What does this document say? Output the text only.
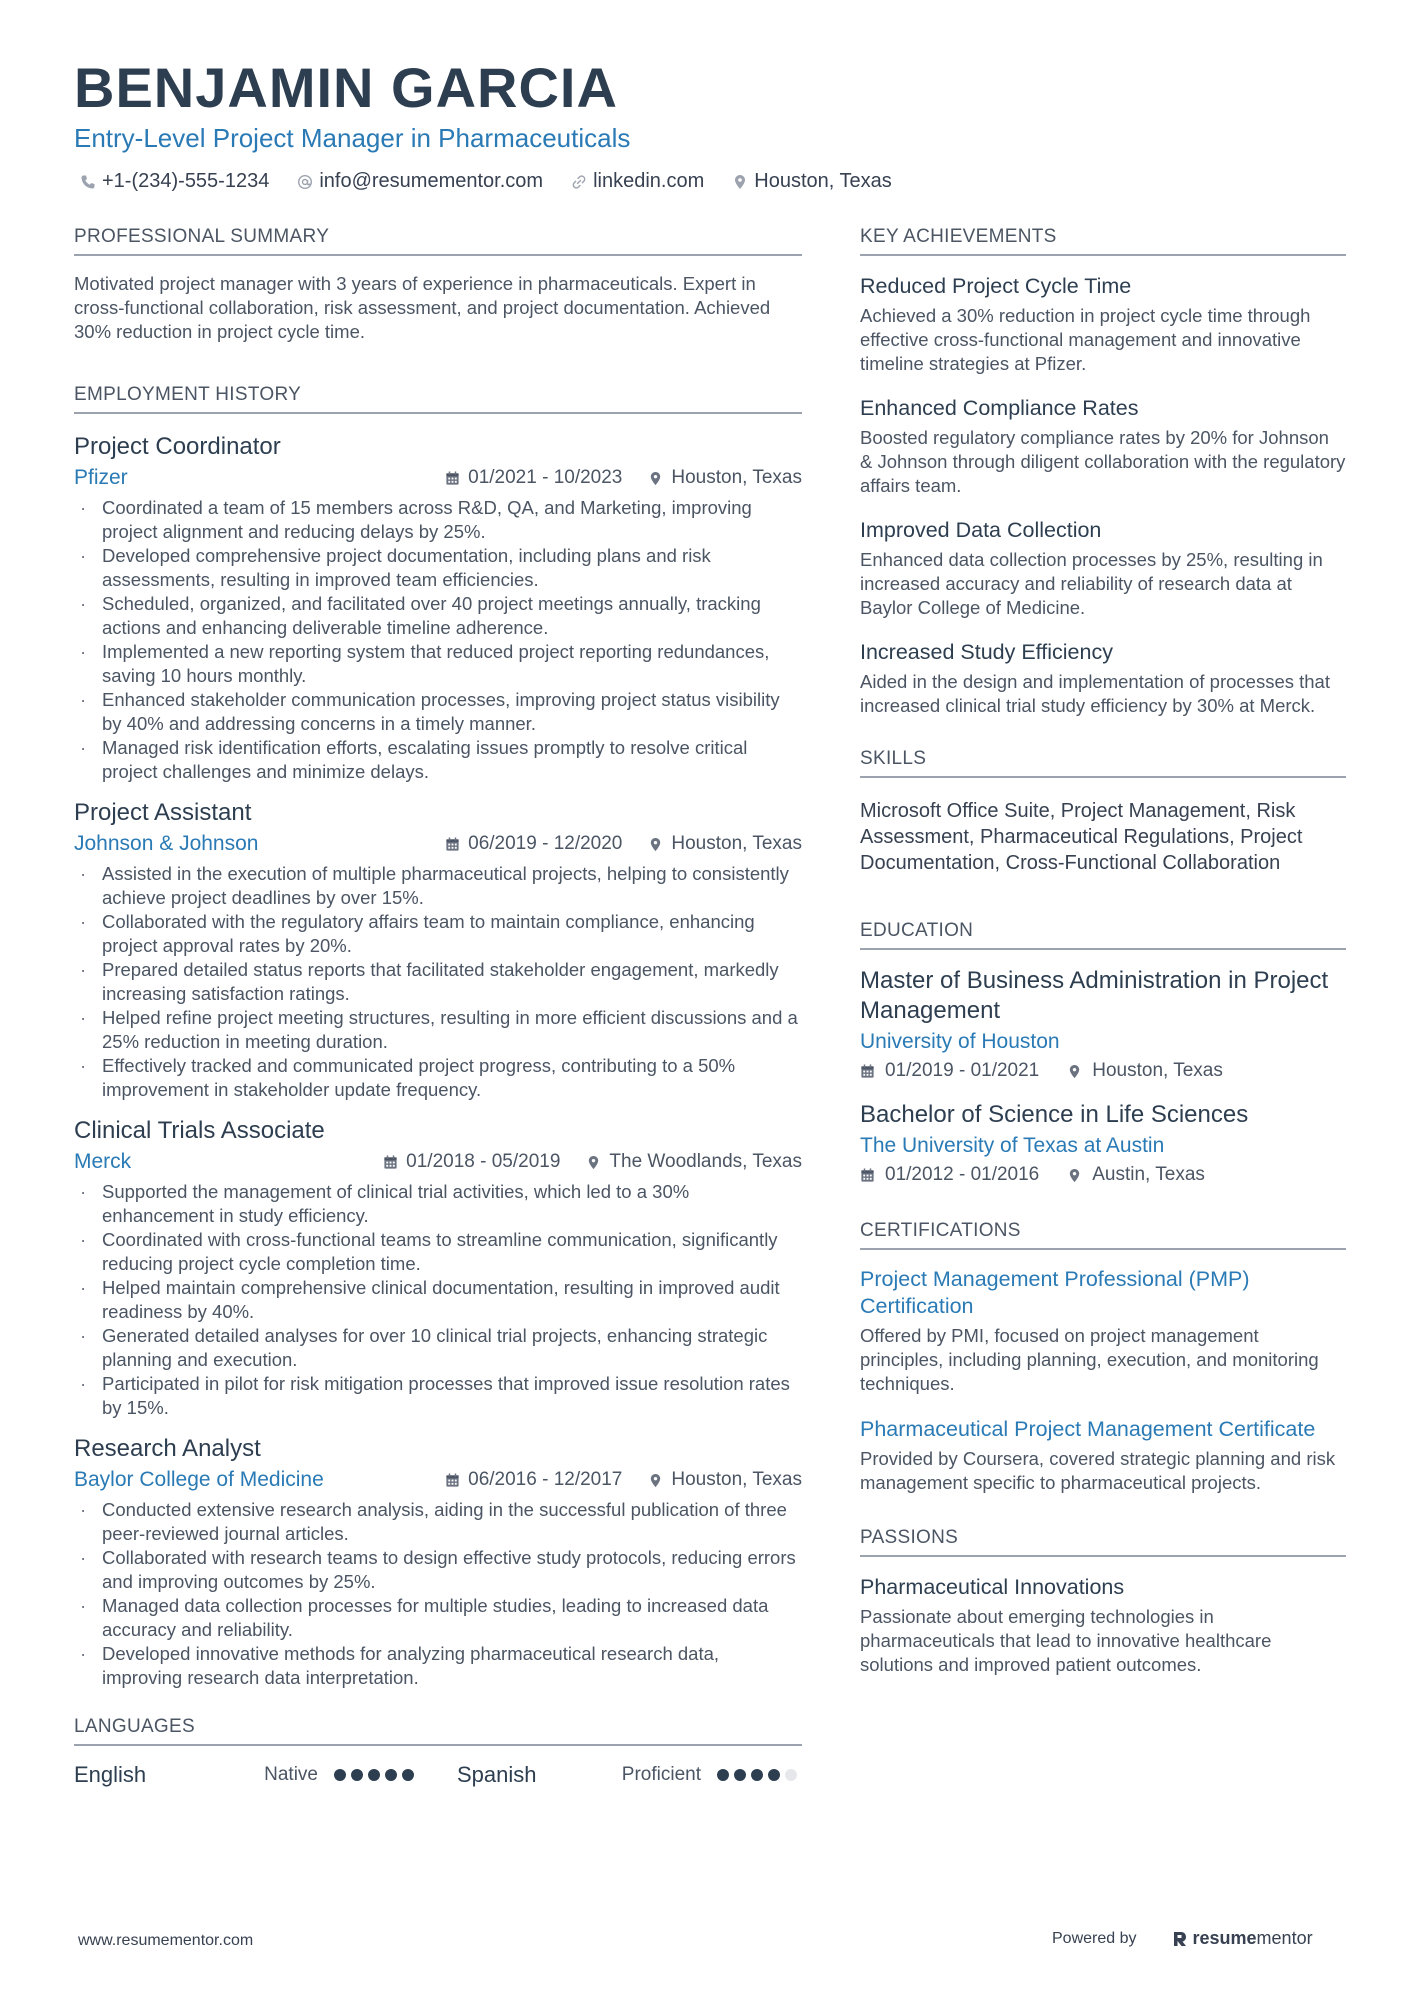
BENJAMIN GARCIA
Entry-Level Project Manager in Pharmaceuticals
+1-(234)-555-1234	info@resumementor.com	linkedin.com	Houston, Texas
PROFESSIONAL SUMMARY
Motivated project manager with 3 years of experience in pharmaceuticals. Expert in cross-functional collaboration, risk assessment, and project documentation. Achieved 30% reduction in project cycle time.
EMPLOYMENT HISTORY
Project Coordinator
Pfizer	01/2021 - 10/2023	Houston, Texas
· Coordinated a team of 15 members across R&D, QA, and Marketing, improving project alignment and reducing delays by 25%.
· Developed comprehensive project documentation, including plans and risk assessments, resulting in improved team efficiencies.
· Scheduled, organized, and facilitated over 40 project meetings annually, tracking actions and enhancing deliverable timeline adherence.
· Implemented a new reporting system that reduced project reporting redundances, saving 10 hours monthly.
· Enhanced stakeholder communication processes, improving project status visibility by 40% and addressing concerns in a timely manner.
· Managed risk identification efforts, escalating issues promptly to resolve critical project challenges and minimize delays.
Project Assistant
Johnson & Johnson	06/2019 - 12/2020	Houston, Texas
· Assisted in the execution of multiple pharmaceutical projects, helping to consistently achieve project deadlines by over 15%.
· Collaborated with the regulatory affairs team to maintain compliance, enhancing project approval rates by 20%.
· Prepared detailed status reports that facilitated stakeholder engagement, markedly increasing satisfaction ratings.
· Helped refine project meeting structures, resulting in more efficient discussions and a 25% reduction in meeting duration.
· Effectively tracked and communicated project progress, contributing to a 50% improvement in stakeholder update frequency.
Clinical Trials Associate
Merck	01/2018 - 05/2019	The Woodlands, Texas
· Supported the management of clinical trial activities, which led to a 30% enhancement in study efficiency.
· Coordinated with cross-functional teams to streamline communication, significantly reducing project cycle completion time.
· Helped maintain comprehensive clinical documentation, resulting in improved audit readiness by 40%.
· Generated detailed analyses for over 10 clinical trial projects, enhancing strategic planning and execution.
· Participated in pilot for risk mitigation processes that improved issue resolution rates by 15%.
Research Analyst
Baylor College of Medicine	06/2016 - 12/2017	Houston, Texas
· Conducted extensive research analysis, aiding in the successful publication of three peer-reviewed journal articles.
· Collaborated with research teams to design effective study protocols, reducing errors and improving outcomes by 25%.
· Managed data collection processes for multiple studies, leading to increased data accuracy and reliability.
· Developed innovative methods for analyzing pharmaceutical research data, improving research data interpretation.
LANGUAGES
English	Native	Spanish	Proficient
KEY ACHIEVEMENTS
Reduced Project Cycle Time
Achieved a 30% reduction in project cycle time through effective cross-functional management and innovative timeline strategies at Pfizer.
Enhanced Compliance Rates
Boosted regulatory compliance rates by 20% for Johnson & Johnson through diligent collaboration with the regulatory affairs team.
Improved Data Collection
Enhanced data collection processes by 25%, resulting in increased accuracy and reliability of research data at Baylor College of Medicine.
Increased Study Efficiency
Aided in the design and implementation of processes that increased clinical trial study efficiency by 30% at Merck.
SKILLS
Microsoft Office Suite, Project Management, Risk Assessment, Pharmaceutical Regulations, Project Documentation, Cross-Functional Collaboration
EDUCATION
Master of Business Administration in Project Management
University of Houston
01/2019 - 01/2021	Houston, Texas
Bachelor of Science in Life Sciences
The University of Texas at Austin
01/2012 - 01/2016	Austin, Texas
CERTIFICATIONS
Project Management Professional (PMP) Certification
Offered by PMI, focused on project management principles, including planning, execution, and monitoring techniques.
Pharmaceutical Project Management Certificate
Provided by Coursera, covered strategic planning and risk management specific to pharmaceutical projects.
PASSIONS
Pharmaceutical Innovations
Passionate about emerging technologies in pharmaceuticals that lead to innovative healthcare solutions and improved patient outcomes.
www.resumementor.com	Powered by	resume mentor
